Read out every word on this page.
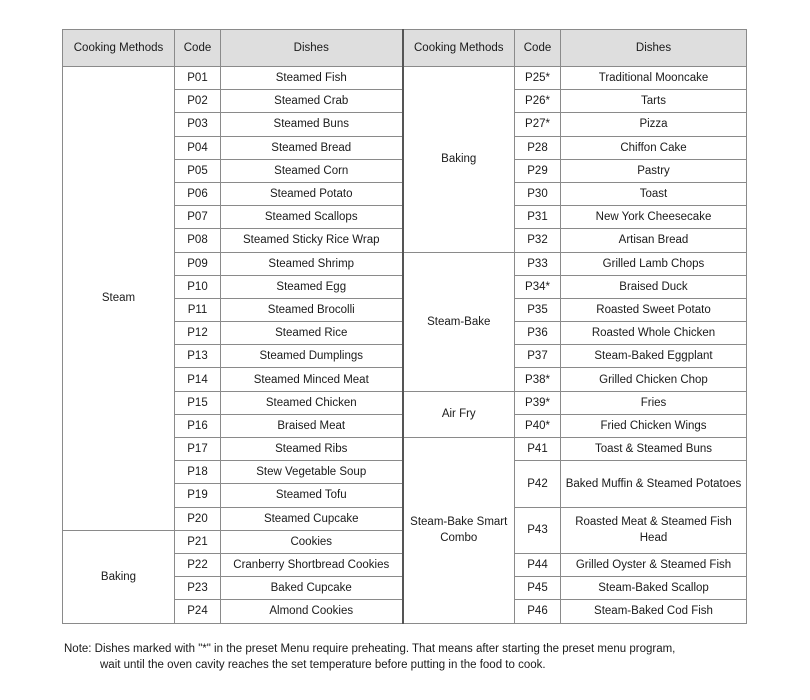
Cooking Methods	Code	Dishes	Cooking Methods	Code	Dishes
Steam	P01	Steamed Fish	Baking	P25*	Traditional Mooncake
	P02	Steamed Crab		P26*	Tarts
	P03	Steamed Buns		P27*	Pizza
	P04	Steamed Bread		P28	Chiffon Cake
	P05	Steamed Corn		P29	Pastry
	P06	Steamed Potato		P30	Toast
	P07	Steamed Scallops		P31	New York Cheesecake
	P08	Steamed Sticky Rice Wrap		P32	Artisan Bread
	P09	Steamed Shrimp	Steam-Bake	P33	Grilled Lamb Chops
	P10	Steamed Egg		P34*	Braised Duck
	P11	Steamed Brocolli		P35	Roasted Sweet Potato
	P12	Steamed Rice		P36	Roasted Whole Chicken
	P13	Steamed Dumplings		P37	Steam-Baked Eggplant
	P14	Steamed Minced Meat		P38*	Grilled Chicken Chop
	P15	Steamed Chicken	Air Fry	P39*	Fries
	P16	Braised Meat		P40*	Fried Chicken Wings
	P17	Steamed Ribs	Steam-Bake Smart Combo	P41	Toast & Steamed Buns
	P18	Stew Vegetable Soup		P42	Baked Muffin & Steamed Potatoes
	P19	Steamed Tofu			
	P20	Steamed Cupcake		P43	Roasted Meat & Steamed Fish Head
Baking	P21	Cookies			
	P22	Cranberry Shortbread Cookies		P44	Grilled Oyster & Steamed Fish
	P23	Baked Cupcake		P45	Steam-Baked Scallop
	P24	Almond Cookies		P46	Steam-Baked Cod Fish
Note: Dishes marked with "*" in the preset Menu require preheating. That means after starting the preset menu program,
wait until the oven cavity reaches the set temperature before putting in the food to cook.
